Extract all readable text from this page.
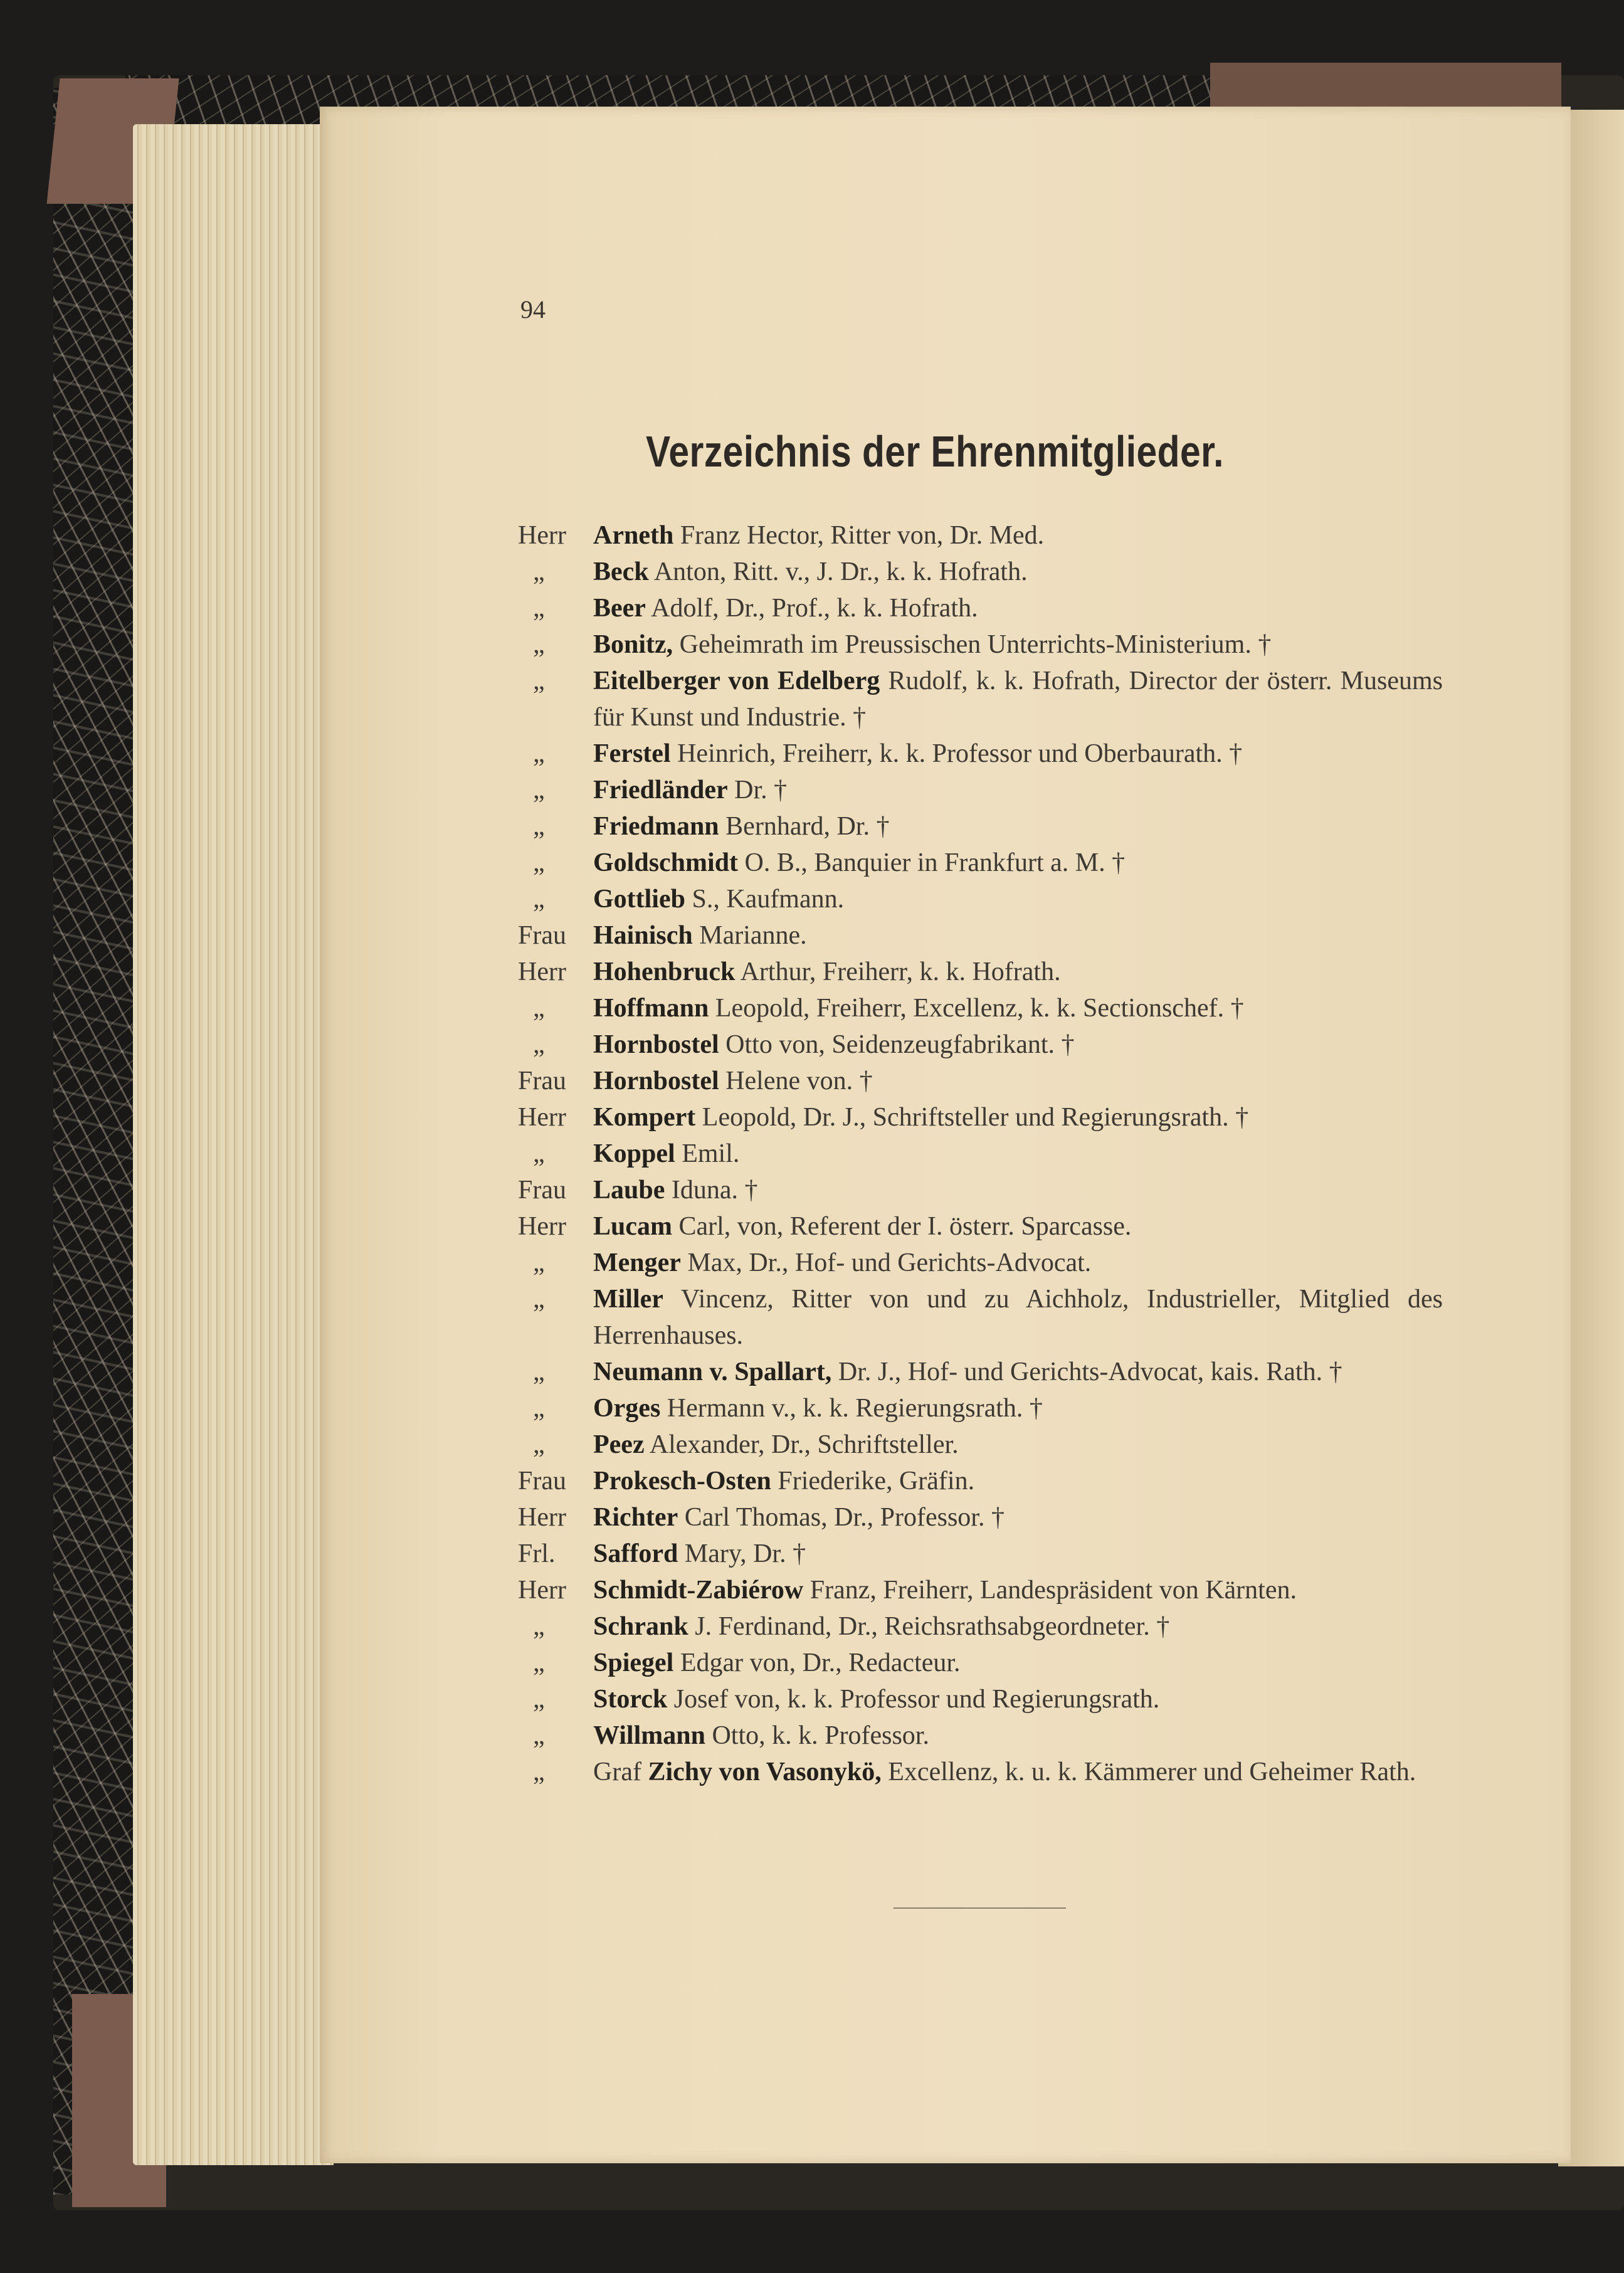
94
Verzeichnis der Ehrenmitglieder.
Herr	Arneth Franz Hector, Ritter von, Dr. Med.
„	Beck Anton, Ritt. v., J. Dr., k. k. Hofrath.
„	Beer Adolf, Dr., Prof., k. k. Hofrath.
„	Bonitz, Geheimrath im Preussischen Unterrichts-Ministerium. †
„	Eitelberger von Edelberg Rudolf, k. k. Hofrath, Director der österr. Museums für Kunst und Industrie. †
„	Ferstel Heinrich, Freiherr, k. k. Professor und Oberbaurath. †
„	Friedländer Dr. †
„	Friedmann Bernhard, Dr. †
„	Goldschmidt O. B., Banquier in Frankfurt a. M. †
„	Gottlieb S., Kaufmann.
Frau	Hainisch Marianne.
Herr	Hohenbruck Arthur, Freiherr, k. k. Hofrath.
„	Hoffmann Leopold, Freiherr, Excellenz, k. k. Sectionschef. †
„	Hornbostel Otto von, Seidenzeugfabrikant. †
Frau	Hornbostel Helene von. †
Herr	Kompert Leopold, Dr. J., Schriftsteller und Regierungsrath. †
„	Koppel Emil.
Frau	Laube Iduna. †
Herr	Lucam Carl, von, Referent der I. österr. Sparcasse.
„	Menger Max, Dr., Hof- und Gerichts-Advocat.
„	Miller Vincenz, Ritter von und zu Aichholz, Industrieller, Mitglied des Herrenhauses.
„	Neumann v. Spallart, Dr. J., Hof- und Gerichts-Advocat, kais. Rath. †
„	Orges Hermann v., k. k. Regierungsrath. †
„	Peez Alexander, Dr., Schriftsteller.
Frau	Prokesch-Osten Friederike, Gräfin.
Herr	Richter Carl Thomas, Dr., Professor. †
Frl.	Safford Mary, Dr. †
Herr	Schmidt-Zabiérow Franz, Freiherr, Landespräsident von Kärnten.
„	Schrank J. Ferdinand, Dr., Reichsrathsabgeordneter. †
„	Spiegel Edgar von, Dr., Redacteur.
„	Storck Josef von, k. k. Professor und Regierungsrath.
„	Willmann Otto, k. k. Professor.
„	Graf Zichy von Vasonykö, Excellenz, k. u. k. Kämmerer und Geheimer Rath.
